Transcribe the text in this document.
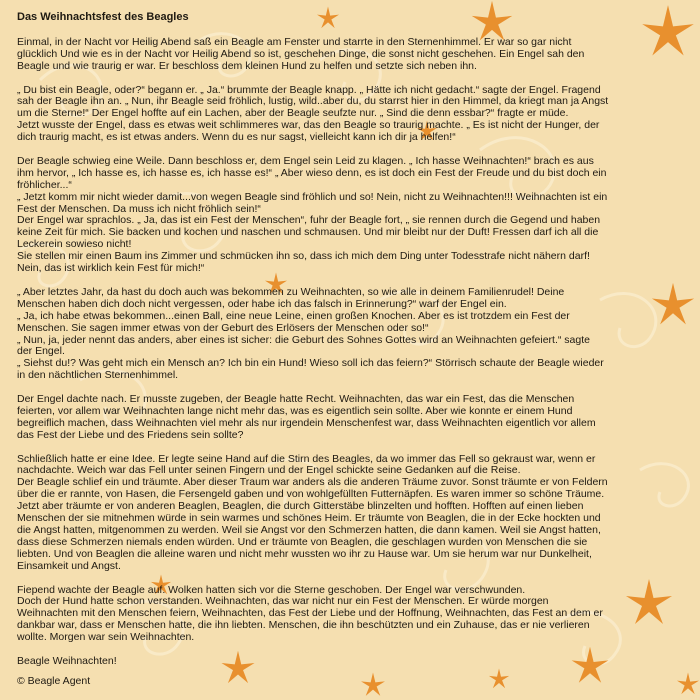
Das Weihnachtsfest des Beagles
Einmal, in der Nacht vor Heilig Abend saß ein Beagle am Fenster und starrte in den Sternenhimmel. Er war so gar nicht
glücklich Und wie es in der Nacht vor Heilig Abend so ist, geschehen Dinge, die sonst nicht geschehen. Ein Engel sah den
Beagle und wie traurig er war. Er beschloss dem kleinen Hund zu helfen und setzte sich neben ihn.
„ Du bist ein Beagle, oder?“ begann er. „ Ja.“ brummte der Beagle knapp. „ Hätte ich nicht gedacht.“ sagte der Engel. Fragend
sah der Beagle ihn an. „ Nun, ihr Beagle seid fröhlich, lustig, wild..aber du, du starrst hier in den Himmel, da kriegt man ja Angst
um die Sterne!“ Der Engel hoffte auf ein Lachen, aber der Beagle seufzte nur. „ Sind die denn essbar?“ fragte er müde.
Jetzt wusste der Engel, dass es etwas weit schlimmeres war, das den Beagle so traurig machte. „ Es ist nicht der Hunger, der
dich traurig macht, es ist etwas anders. Wenn du es nur sagst, vielleicht kann ich dir ja helfen!“
Der Beagle schwieg eine Weile. Dann beschloss er, dem Engel sein Leid zu klagen. „ Ich hasse Weihnachten!“ brach es aus
ihm hervor, „ Ich hasse es, ich hasse es, ich hasse es!“ „ Aber wieso denn, es ist doch ein Fest der Freude und du bist doch ein
fröhlicher...“
„ Jetzt komm mir nicht wieder damit...von wegen Beagle sind fröhlich und so! Nein, nicht zu Weihnachten!!! Weihnachten ist ein
Fest der Menschen. Da muss ich nicht fröhlich sein!“
Der Engel war sprachlos. „ Ja, das ist ein Fest der Menschen“, fuhr der Beagle fort, „ sie rennen durch die Gegend und haben
keine Zeit für mich. Sie backen und kochen und naschen und schmausen. Und mir bleibt nur der Duft! Fressen darf ich all die
Leckerein sowieso nicht!
Sie stellen mir einen Baum ins Zimmer und schmücken ihn so, dass ich mich dem Ding unter Todesstrafe nicht nähern darf!
Nein, das ist wirklich kein Fest für mich!“
„ Aber letztes Jahr, da hast du doch auch was bekommen zu Weihnachten, so wie alle in deinem Familienrudel! Deine
Menschen haben dich doch nicht vergessen, oder habe ich das falsch in Erinnerung?“ warf der Engel ein.
„ Ja, ich habe etwas bekommen...einen Ball, eine neue Leine, einen großen Knochen. Aber es ist trotzdem ein Fest der
Menschen. Sie sagen immer etwas von der Geburt des Erlösers der Menschen oder so!“
„ Nun, ja, jeder nennt das anders, aber eines ist sicher: die Geburt des Sohnes Gottes wird an Weihnachten gefeiert.“ sagte
der Engel.
„ Siehst du!? Was geht mich ein Mensch an? Ich bin ein Hund! Wieso soll ich das feiern?“ Störrisch schaute der Beagle wieder
in den nächtlichen Sternenhimmel.
Der Engel dachte nach. Er musste zugeben, der Beagle hatte Recht. Weihnachten, das war ein Fest, das die Menschen
feierten, vor allem war Weihnachten lange nicht mehr das, was es eigentlich sein sollte. Aber wie konnte er einem Hund
begreiflich machen, dass Weihnachten viel mehr als nur irgendein Menschenfest war, dass Weihnachten eigentlich vor allem
das Fest der Liebe und des Friedens sein sollte?
Schließlich hatte er eine Idee. Er legte seine Hand auf die Stirn des Beagles, da wo immer das Fell so gekraust war, wenn er
nachdachte. Weich war das Fell unter seinen Fingern und der Engel schickte seine Gedanken auf die Reise.
Der Beagle schlief ein und träumte. Aber dieser Traum war anders als die anderen Träume zuvor. Sonst träumte er von Feldern
über die er rannte, von Hasen, die Fersengeld gaben und von wohlgefüllten Futternäpfen. Es waren immer so schöne Träume.
Jetzt aber träumte er von anderen Beaglen, Beaglen, die durch Gitterstäbe blinzelten und hofften. Hofften auf einen lieben
Menschen der sie mitnehmen würde in sein warmes und schönes Heim. Er träumte von Beaglen, die in der Ecke hockten und
die Angst hatten, mitgenommen zu werden. Weil sie Angst vor den Schmerzen hatten, die dann kamen. Weil sie Angst hatten,
dass diese Schmerzen niemals enden würden. Und er träumte von Beaglen, die geschlagen wurden von Menschen die sie
liebten. Und von Beaglen die alleine waren und nicht mehr wussten wo ihr zu Hause war. Um sie herum war nur Dunkelheit,
Einsamkeit und Angst.
Fiepend wachte der Beagle auf. Wolken hatten sich vor die Sterne geschoben. Der Engel war verschwunden.
Doch der Hund hatte schon verstanden. Weihnachten, das war nicht nur ein Fest der Menschen. Er würde morgen
Weihnachten mit den Menschen feiern, Weihnachten, das Fest der Liebe und der Hoffnung, Weihnachten, das Fest an dem er
dankbar war, dass er Menschen hatte, die ihn liebten. Menschen, die ihn beschützten und ein Zuhause, das er nie verlieren
wollte. Morgen war sein Weihnachten.
Beagle Weihnachten!
© Beagle Agent
